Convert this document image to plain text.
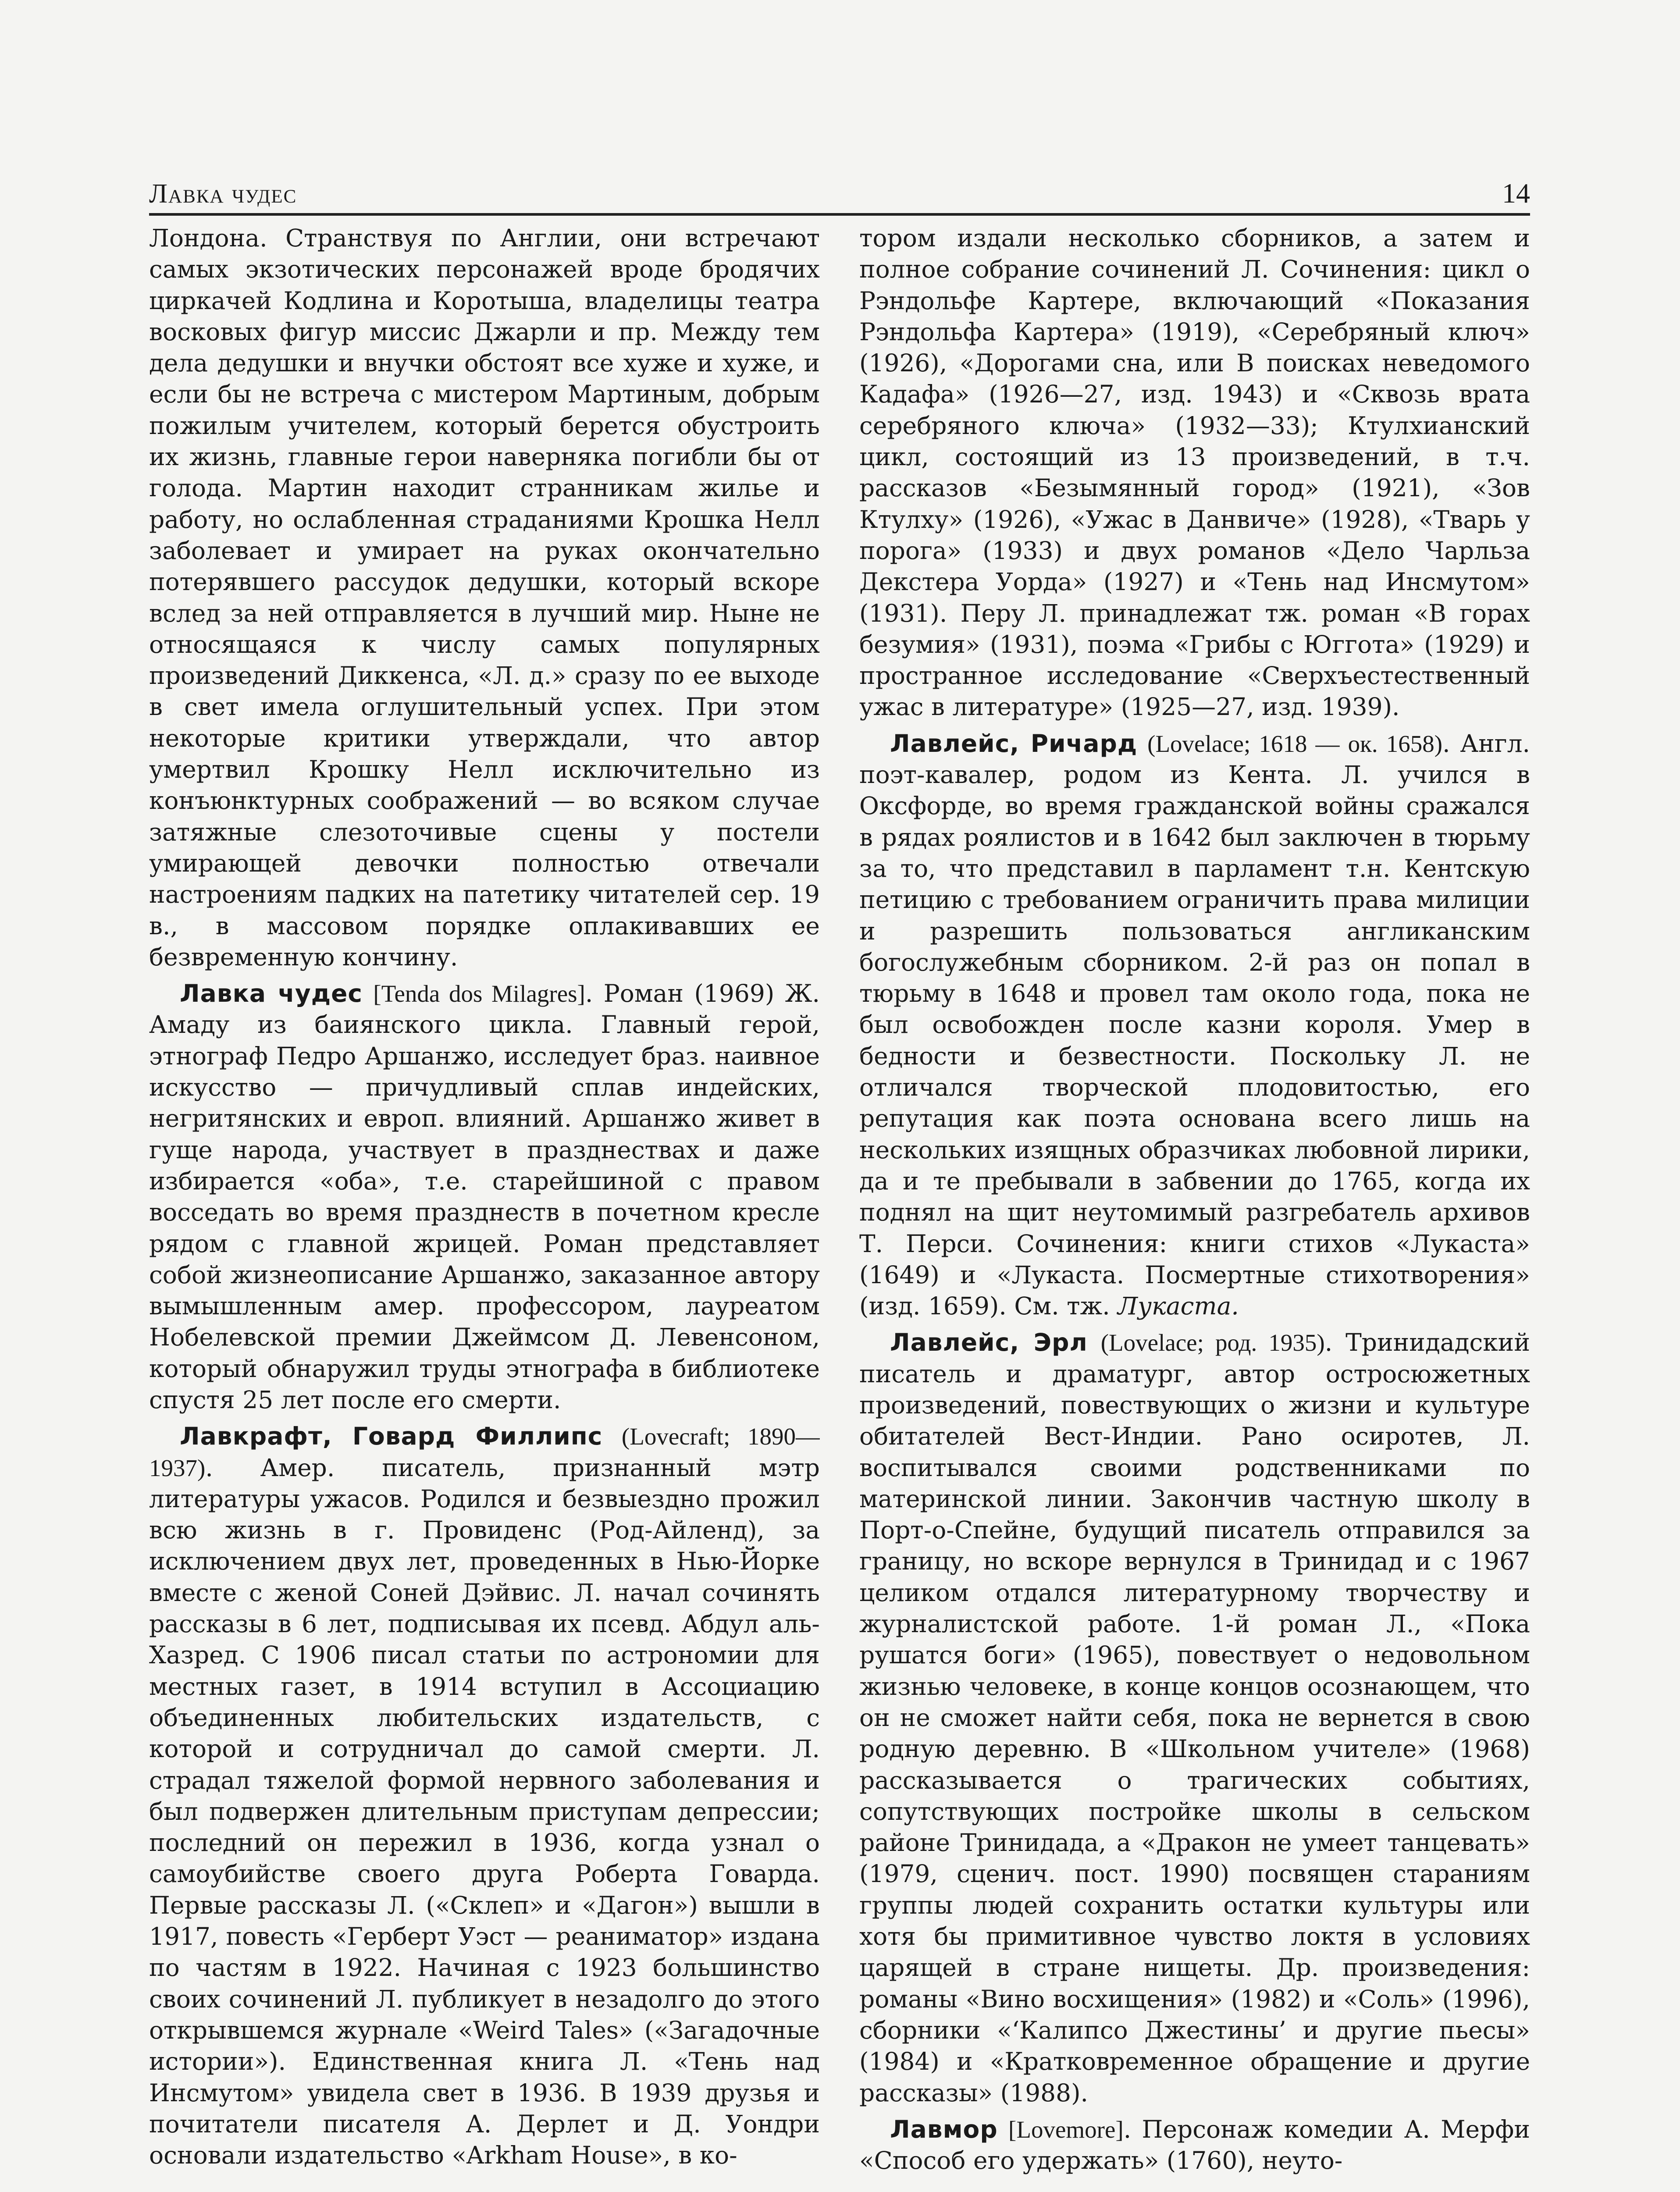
Лавка чудес	14

Лондона. Странствуя по Англии, они встречают самых экзотических персонажей вроде бродячих циркачей Кодлина и Коротыша, владелицы театра восковых фигур миссис Джарли и пр. Между тем дела дедушки и внучки обстоят все хуже и хуже, и если бы не встреча с мистером Мартиным, добрым пожилым учителем, который берется обустроить их жизнь, главные герои наверняка погибли бы от голода. Мартин находит странникам жилье и работу, но ослабленная страданиями Крошка Нелл заболевает и умирает на руках окончательно потерявшего рассудок дедушки, который вскоре вслед за ней отправляется в лучший мир. Ныне не относящаяся к числу самых популярных произведений Диккенса, «Л. д.» сразу по ее выходе в свет имела оглушительный успех. При этом некоторые критики утверждали, что автор умертвил Крошку Нелл исключительно из конъюнктурных соображений — во всяком случае затяжные слезоточивые сцены у постели умирающей девочки полностью отвечали настроениям падких на патетику читателей сер. 19 в., в массовом порядке оплакивавших ее безвременную кончину.

Лавка чудес [Tenda dos Milagres]. Роман (1969) Ж. Амаду из баиянского цикла. Главный герой, этнограф Педро Аршанжо, исследует браз. наивное искусство — причудливый сплав индейских, негритянских и европ. влияний. Аршанжо живет в гуще народа, участвует в празднествах и даже избирается «оба», т.е. старейшиной с правом восседать во время празднеств в почетном кресле рядом с главной жрицей. Роман представляет собой жизнеописание Аршанжо, заказанное автору вымышленным амер. профессором, лауреатом Нобелевской премии Джеймсом Д. Левенсоном, который обнаружил труды этнографа в библиотеке спустя 25 лет после его смерти.

Лавкрафт, Говард Филлипс (Lovecraft; 1890—1937). Амер. писатель, признанный мэтр литературы ужасов. Родился и безвыездно прожил всю жизнь в г. Провиденс (Род-Айленд), за исключением двух лет, проведенных в Нью-Йорке вместе с женой Соней Дэйвис. Л. начал сочинять рассказы в 6 лет, подписывая их псевд. Абдул аль-Хазред. С 1906 писал статьи по астрономии для местных газет, в 1914 вступил в Ассоциацию объединенных любительских издательств, с которой и сотрудничал до самой смерти. Л. страдал тяжелой формой нервного заболевания и был подвержен длительным приступам депрессии; последний он пережил в 1936, когда узнал о самоубийстве своего друга Роберта Говарда. Первые рассказы Л. («Склеп» и «Дагон») вышли в 1917, повесть «Герберт Уэст — реаниматор» издана по частям в 1922. Начиная с 1923 большинство своих сочинений Л. публикует в незадолго до этого открывшемся журнале «Weird Tales» («Загадочные истории»). Единственная книга Л. «Тень над Инсмутом» увидела свет в 1936. В 1939 друзья и почитатели писателя А. Дерлет и Д. Уондри основали издательство «Arkham House», в ко-

тором издали несколько сборников, а затем и полное собрание сочинений Л. Сочинения: цикл о Рэндольфе Картере, включающий «Показания Рэндольфа Картера» (1919), «Серебряный ключ» (1926), «Дорогами сна, или В поисках неведомого Кадафа» (1926—27, изд. 1943) и «Сквозь врата серебряного ключа» (1932—33); Ктулхианский цикл, состоящий из 13 произведений, в т.ч. рассказов «Безымянный город» (1921), «Зов Ктулху» (1926), «Ужас в Данвиче» (1928), «Тварь у порога» (1933) и двух романов «Дело Чарльза Декстера Уорда» (1927) и «Тень над Инсмутом» (1931). Перу Л. принадлежат тж. роман «В горах безумия» (1931), поэма «Грибы с Юггота» (1929) и пространное исследование «Сверхъестественный ужас в литературе» (1925—27, изд. 1939).

Лавлейс, Ричард (Lovelace; 1618 — ок. 1658). Англ. поэт-кавалер, родом из Кента. Л. учился в Оксфорде, во время гражданской войны сражался в рядах роялистов и в 1642 был заключен в тюрьму за то, что представил в парламент т.н. Кентскую петицию с требованием ограничить права милиции и разрешить пользоваться англиканским богослужебным сборником. 2-й раз он попал в тюрьму в 1648 и провел там около года, пока не был освобожден после казни короля. Умер в бедности и безвестности. Поскольку Л. не отличался творческой плодовитостью, его репутация как поэта основана всего лишь на нескольких изящных образчиках любовной лирики, да и те пребывали в забвении до 1765, когда их поднял на щит неутомимый разгребатель архивов Т. Перси. Сочинения: книги стихов «Лукаста» (1649) и «Лукаста. Посмертные стихотворения» (изд. 1659). См. тж. Лукаста.

Лавлейс, Эрл (Lovelace; род. 1935). Тринидадский писатель и драматург, автор остросюжетных произведений, повествующих о жизни и культуре обитателей Вест-Индии. Рано осиротев, Л. воспитывался своими родственниками по материнской линии. Закончив частную школу в Порт-о-Спейне, будущий писатель отправился за границу, но вскоре вернулся в Тринидад и с 1967 целиком отдался литературному творчеству и журналистской работе. 1-й роман Л., «Пока рушатся боги» (1965), повествует о недовольном жизнью человеке, в конце концов осознающем, что он не сможет найти себя, пока не вернется в свою родную деревню. В «Школьном учителе» (1968) рассказывается о трагических событиях, сопутствующих постройке школы в сельском районе Тринидада, а «Дракон не умеет танцевать» (1979, сценич. пост. 1990) посвящен стараниям группы людей сохранить остатки культуры или хотя бы примитивное чувство локтя в условиях царящей в стране нищеты. Др. произведения: романы «Вино восхищения» (1982) и «Соль» (1996), сборники «‘Калипсо Джестины’ и другие пьесы» (1984) и «Кратковременное обращение и другие рассказы» (1988).

Лавмор [Lovemore]. Персонаж комедии А. Мерфи «Способ его удержать» (1760), неуто-
